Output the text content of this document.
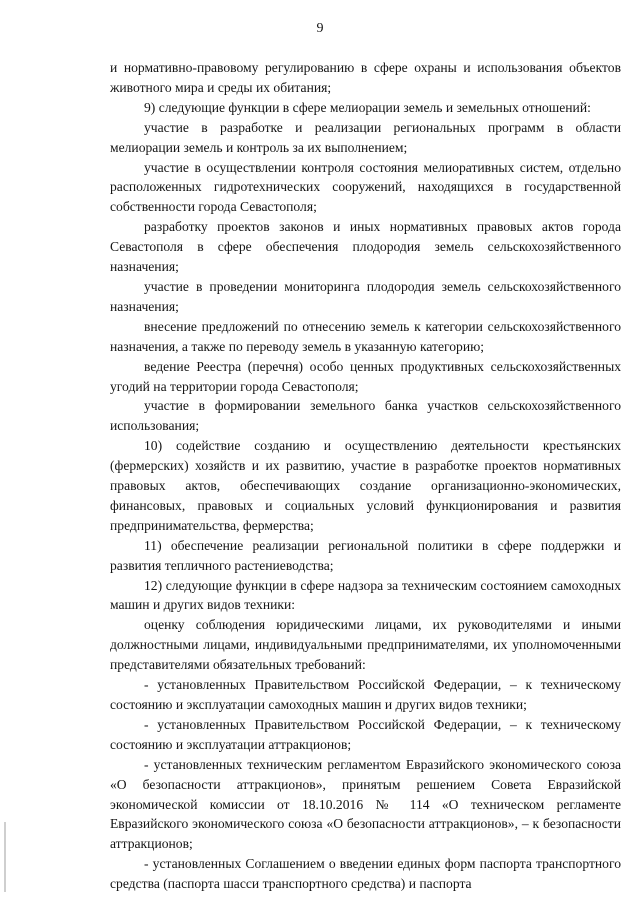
9

и нормативно-правовому регулированию в сфере охраны и использования объектов животного мира и среды их обитания;

9) следующие функции в сфере мелиорации земель и земельных отношений:

участие в разработке и реализации региональных программ в области мелиорации земель и контроль за их выполнением;

участие в осуществлении контроля состояния мелиоративных систем, отдельно расположенных гидротехнических сооружений, находящихся в государственной собственности города Севастополя;

разработку проектов законов и иных нормативных правовых актов города Севастополя в сфере обеспечения плодородия земель сельскохозяйственного назначения;

участие в проведении мониторинга плодородия земель сельскохозяйственного назначения;

внесение предложений по отнесению земель к категории сельскохозяйственного назначения, а также по переводу земель в указанную категорию;

ведение Реестра (перечня) особо ценных продуктивных сельскохозяйственных угодий на территории города Севастополя;

участие в формировании земельного банка участков сельскохозяйственного использования;

10) содействие созданию и осуществлению деятельности крестьянских (фермерских) хозяйств и их развитию, участие в разработке проектов нормативных правовых актов, обеспечивающих создание организационно-экономических, финансовых, правовых и социальных условий функционирования и развития предпринимательства, фермерства;

11) обеспечение реализации региональной политики в сфере поддержки и развития тепличного растениеводства;

12) следующие функции в сфере надзора за техническим состоянием самоходных машин и других видов техники:

оценку соблюдения юридическими лицами, их руководителями и иными должностными лицами, индивидуальными предпринимателями, их уполномоченными представителями обязательных требований:

- установленных Правительством Российской Федерации, – к техническому состоянию и эксплуатации самоходных машин и других видов техники;

- установленных Правительством Российской Федерации, – к техническому состоянию и эксплуатации аттракционов;

- установленных техническим регламентом Евразийского экономического союза «О безопасности аттракционов», принятым решением Совета Евразийской экономической комиссии от 18.10.2016 № 114 «О техническом регламенте Евразийского экономического союза «О безопасности аттракционов», – к безопасности аттракционов;

- установленных Соглашением о введении единых форм паспорта транспортного средства (паспорта шасси транспортного средства) и паспорта
